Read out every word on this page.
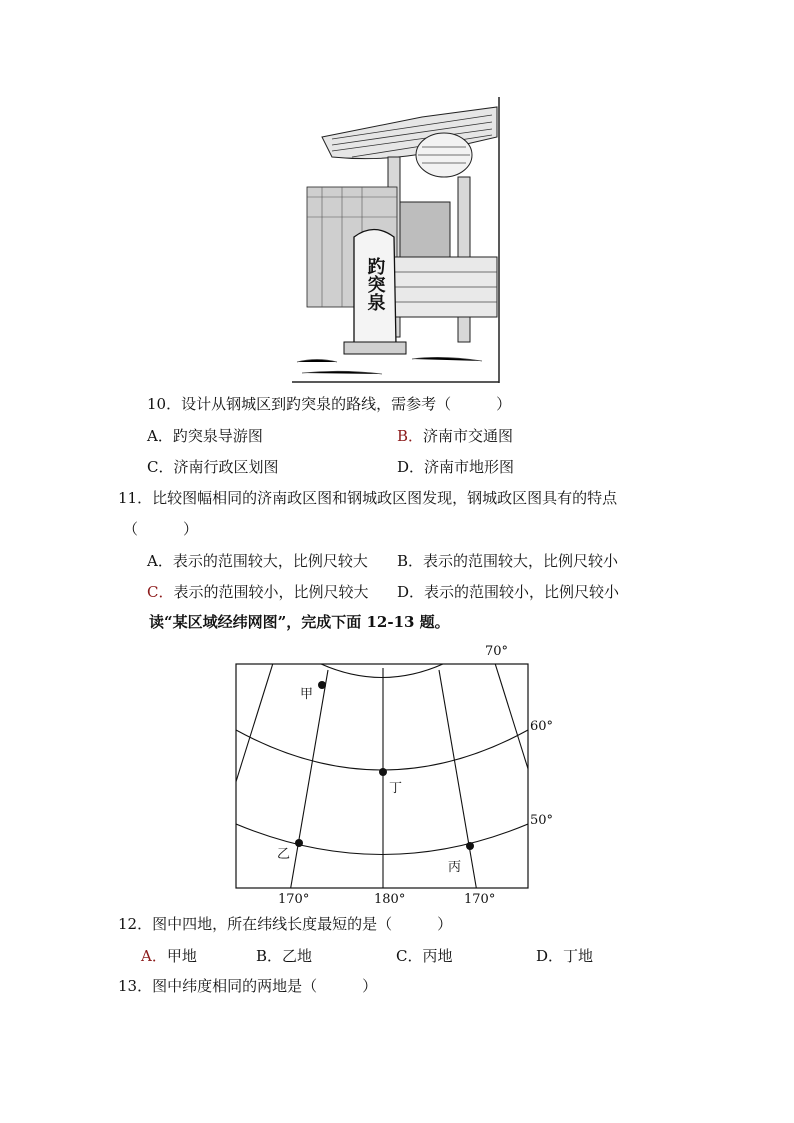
趵突泉
10．设计从钢城区到趵突泉的路线，需参考（　　　）
A．趵突泉导游图	B．济南市交通图
C．济南行政区划图	D．济南市地形图
11．比较图幅相同的济南政区图和钢城政区图发现，钢城政区图具有的特点
（　　　）
A．表示的范围较大，比例尺较大 B．表示的范围较大，比例尺较小
C．表示的范围较小，比例尺较大 D．表示的范围较小，比例尺较小
读“某区域经纬网图”，完成下面 12-13 题。
甲
乙
丙
丁
70°
60°
50°
170°	180°	170°
12．图中四地，所在纬线长度最短的是（　　　）
A．甲地	B．乙地	C．丙地	D．丁地
13．图中纬度相同的两地是（　　　）
